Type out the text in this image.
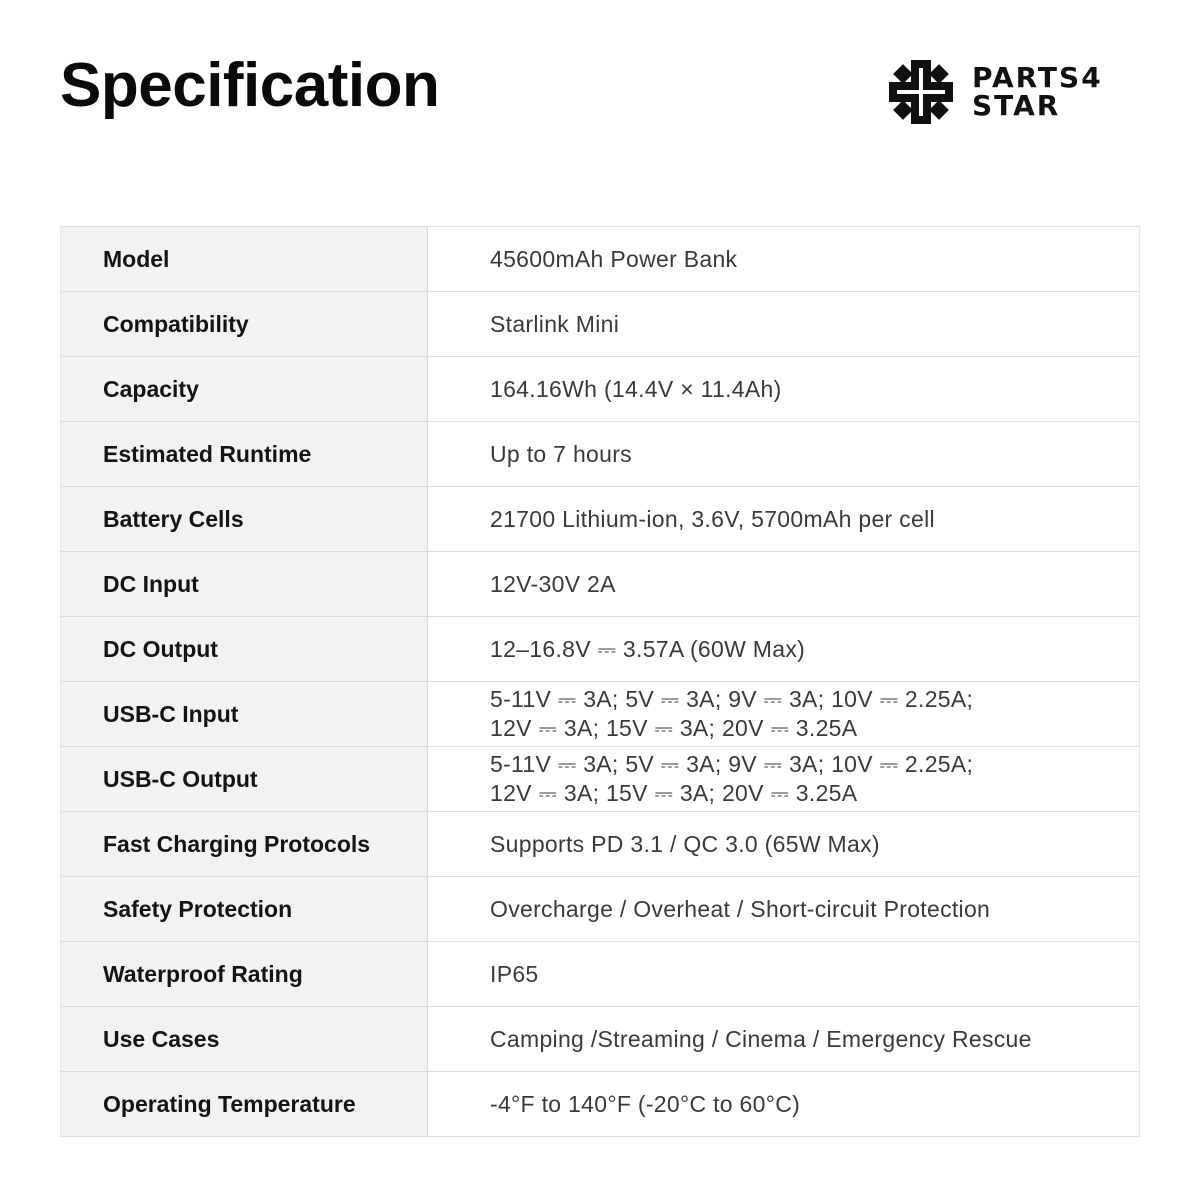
Specification	PARTS4
STAR
Model	45600mAh Power Bank

Compatibility	Starlink Mini

Capacity	164.16Wh (14.4V × 11.4Ah)

Estimated Runtime	Up to 7 hours

Battery Cells	21700 Lithium-ion, 3.6V, 5700mAh per cell

DC Input	12V-30V 2A

DC Output	12–16.8V ⎓ 3.57A (60W Max)

USB-C Input	5-11V ⎓ 3A; 5V ⎓ 3A; 9V ⎓ 3A; 10V ⎓ 2.25A;
12V ⎓ 3A; 15V ⎓ 3A; 20V ⎓ 3.25A

USB-C Output	5-11V ⎓ 3A; 5V ⎓ 3A; 9V ⎓ 3A; 10V ⎓ 2.25A;
12V ⎓ 3A; 15V ⎓ 3A; 20V ⎓ 3.25A

Fast Charging Protocols	Supports PD 3.1 / QC 3.0 (65W Max)

Safety Protection	Overcharge / Overheat / Short-circuit Protection

Waterproof Rating	IP65

Use Cases	Camping /Streaming / Cinema / Emergency Rescue

Operating Temperature	-4°F to 140°F (-20°C to 60°C)
